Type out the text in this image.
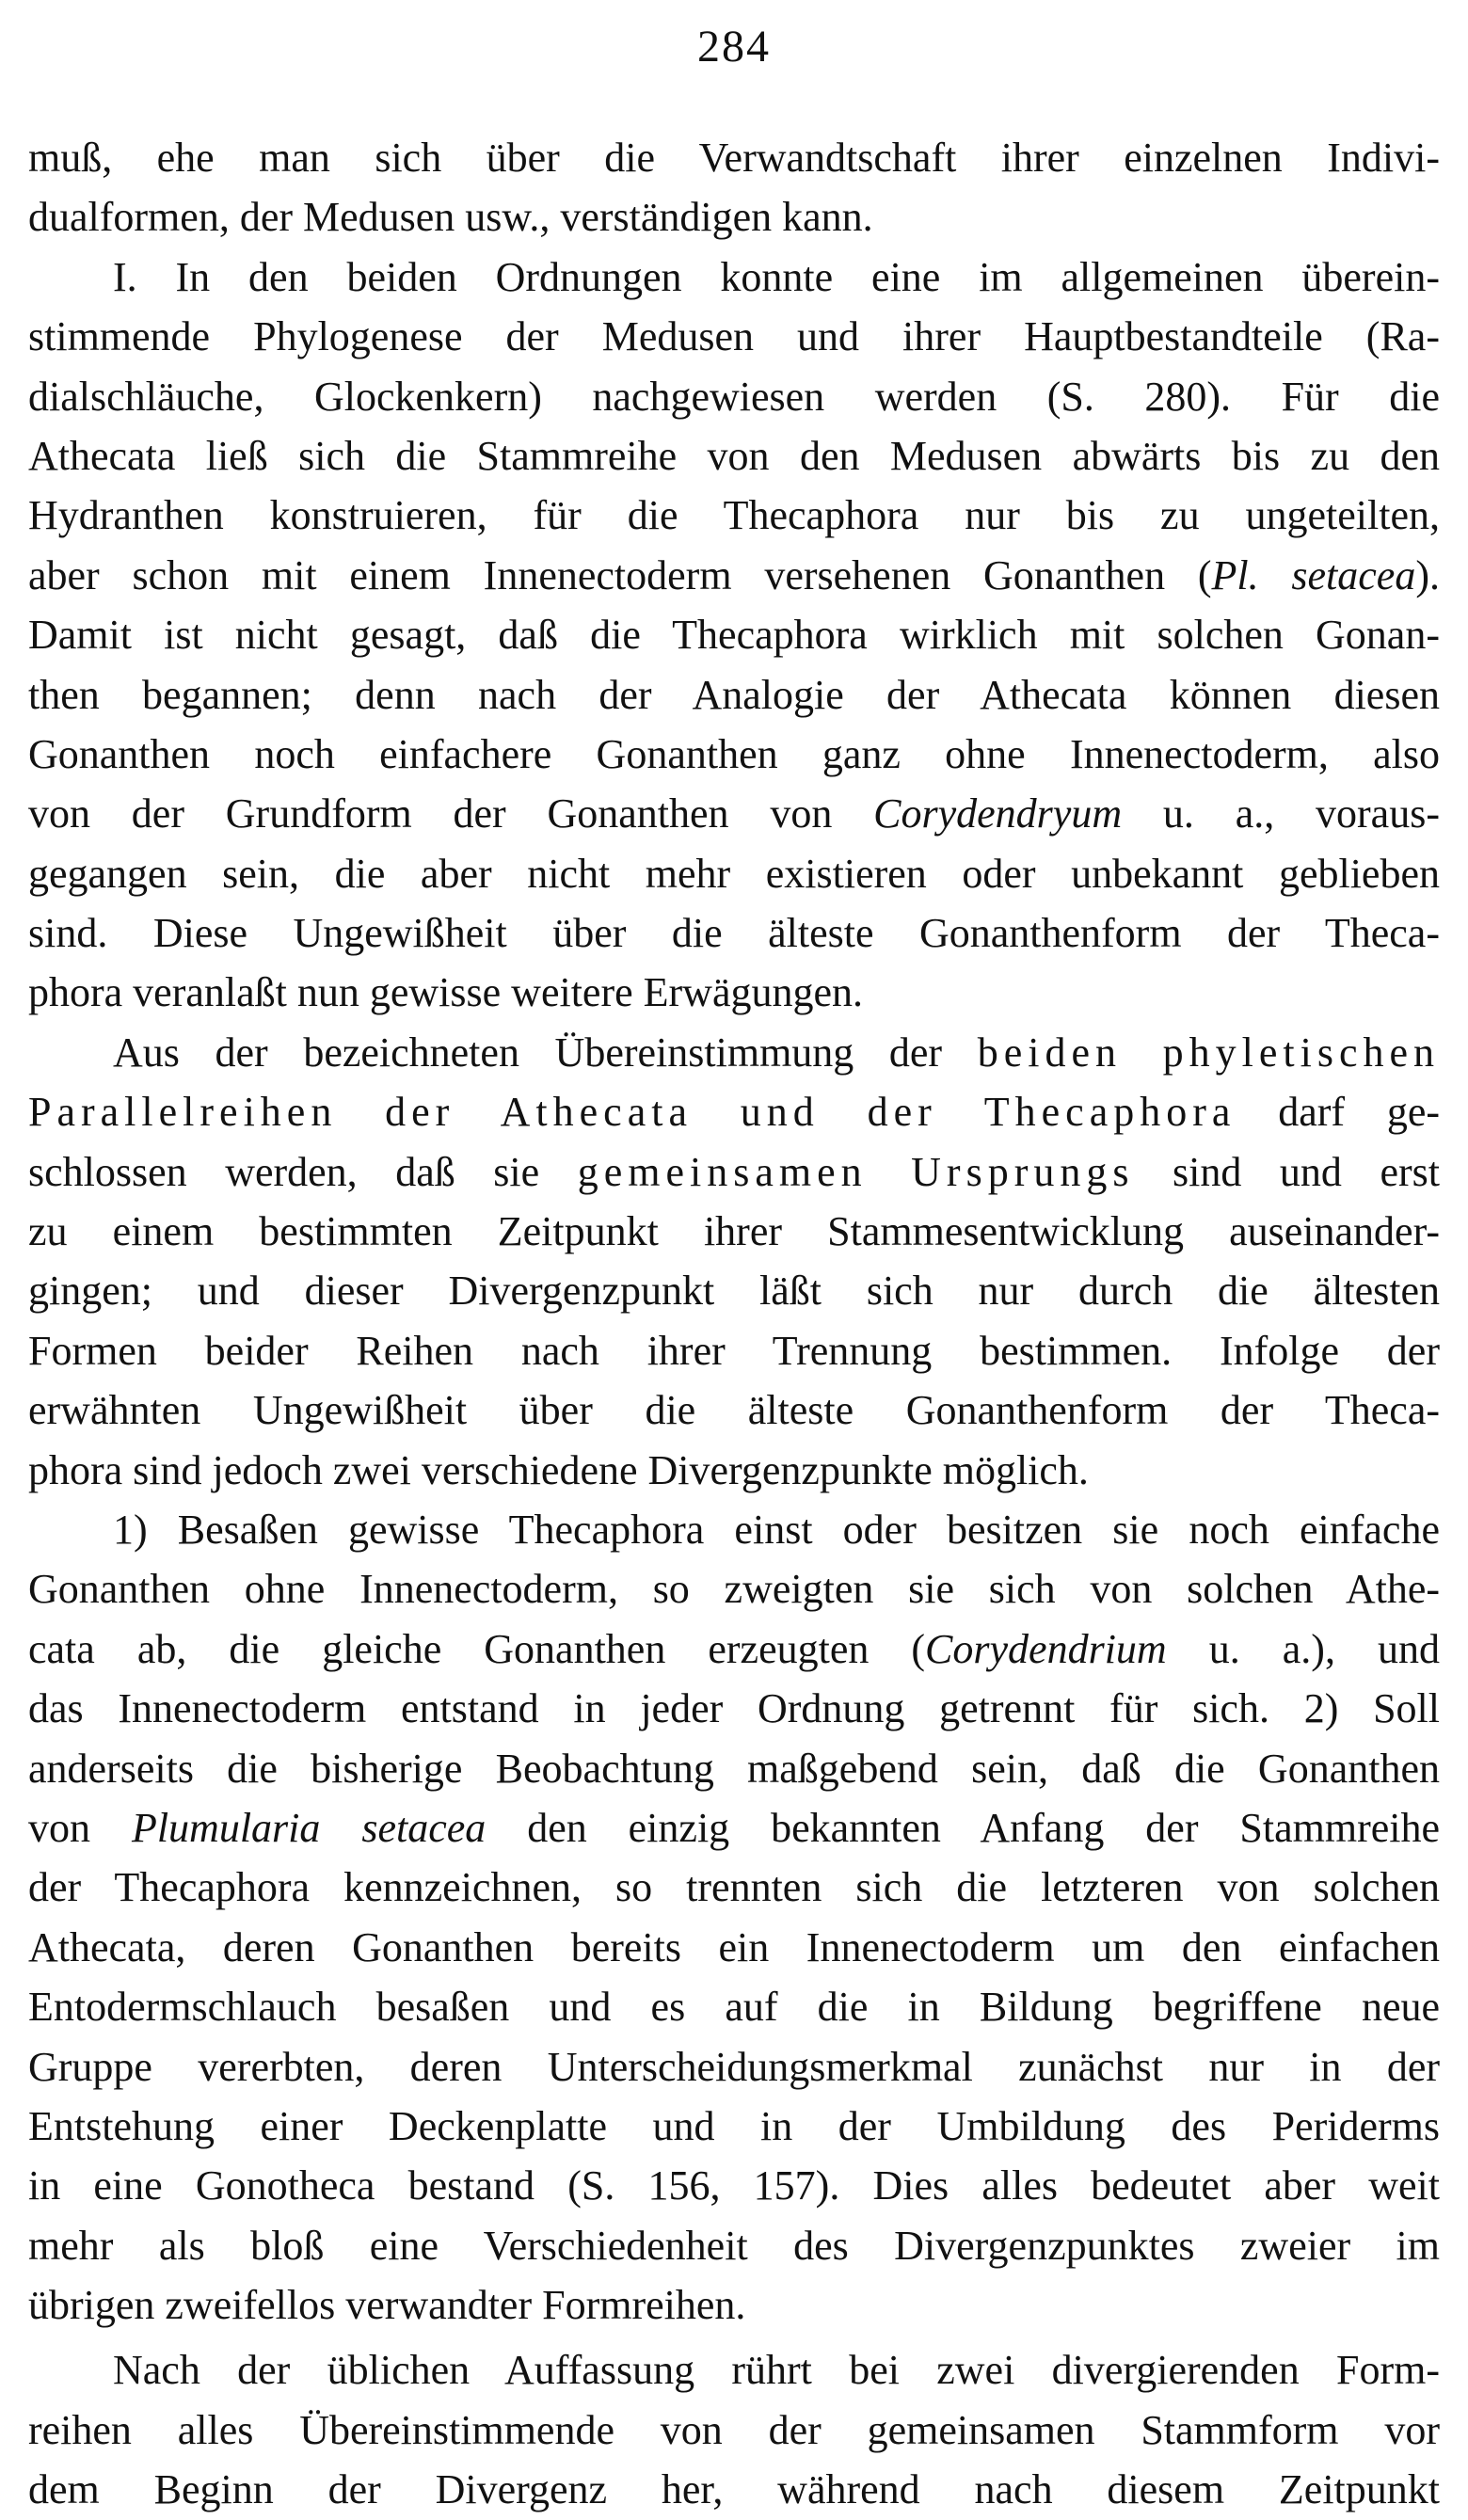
284
muß, ehe man sich über die Verwandtschaft ihrer einzelnen Indivi-
dualformen, der Medusen usw., verständigen kann.
I. In den beiden Ordnungen konnte eine im allgemeinen überein-
stimmende Phylogenese der Medusen und ihrer Hauptbestandteile (Ra-
dialschläuche, Glockenkern) nachgewiesen werden (S. 280). Für die
Athecata ließ sich die Stammreihe von den Medusen abwärts bis zu den
Hydranthen konstruieren, für die Thecaphora nur bis zu ungeteilten,
aber schon mit einem Innenectoderm versehenen Gonanthen (Pl. setacea).
Damit ist nicht gesagt, daß die Thecaphora wirklich mit solchen Gonan-
then begannen; denn nach der Analogie der Athecata können diesen
Gonanthen noch einfachere Gonanthen ganz ohne Innenectoderm, also
von der Grundform der Gonanthen von Corydendryum u. a., voraus-
gegangen sein, die aber nicht mehr existieren oder unbekannt geblieben
sind. Diese Ungewißheit über die älteste Gonanthenform der Theca-
phora veranlaßt nun gewisse weitere Erwägungen.
Aus der bezeichneten Übereinstimmung der beiden phyletischen
Parallelreihen der Athecata und der Thecaphora darf ge-
schlossen werden, daß sie gemeinsamen Ursprungs sind und erst
zu einem bestimmten Zeitpunkt ihrer Stammesentwicklung auseinander-
gingen; und dieser Divergenzpunkt läßt sich nur durch die ältesten
Formen beider Reihen nach ihrer Trennung bestimmen. Infolge der
erwähnten Ungewißheit über die älteste Gonanthenform der Theca-
phora sind jedoch zwei verschiedene Divergenzpunkte möglich.
1) Besaßen gewisse Thecaphora einst oder besitzen sie noch einfache
Gonanthen ohne Innenectoderm, so zweigten sie sich von solchen Athe-
cata ab, die gleiche Gonanthen erzeugten (Corydendrium u. a.), und
das Innenectoderm entstand in jeder Ordnung getrennt für sich. 2) Soll
anderseits die bisherige Beobachtung maßgebend sein, daß die Gonanthen
von Plumularia setacea den einzig bekannten Anfang der Stammreihe
der Thecaphora kennzeichnen, so trennten sich die letzteren von solchen
Athecata, deren Gonanthen bereits ein Innenectoderm um den einfachen
Entodermschlauch besaßen und es auf die in Bildung begriffene neue
Gruppe vererbten, deren Unterscheidungsmerkmal zunächst nur in der
Entstehung einer Deckenplatte und in der Umbildung des Periderms
in eine Gonotheca bestand (S. 156, 157). Dies alles bedeutet aber weit
mehr als bloß eine Verschiedenheit des Divergenzpunktes zweier im
übrigen zweifellos verwandter Formreihen.
Nach der üblichen Auffassung rührt bei zwei divergierenden Form-
reihen alles Übereinstimmende von der gemeinsamen Stammform vor
dem Beginn der Divergenz her, während nach diesem Zeitpunkt
